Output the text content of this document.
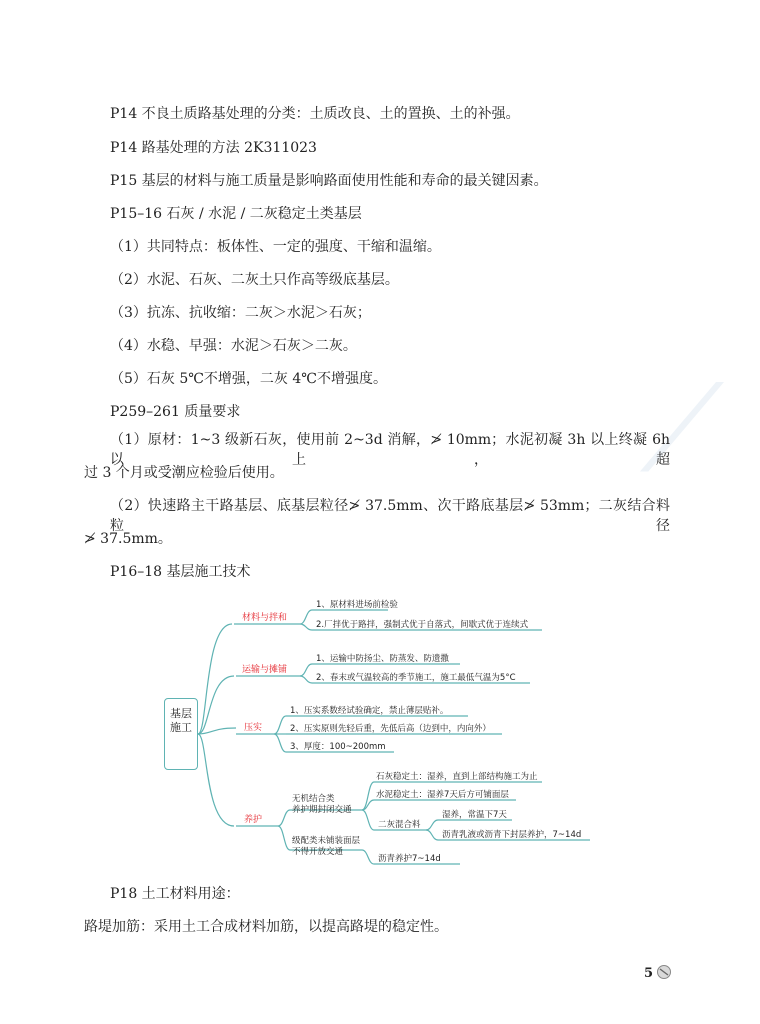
⟋
P14 不良土质路基处理的分类：土质改良、土的置换、土的补强。
P14 路基处理的方法 2K311023
P15 基层的材料与施工质量是影响路面使用性能和寿命的最关键因素。
P15–16 石灰 / 水泥 / 二灰稳定土类基层
（1）共同特点：板体性、一定的强度、干缩和温缩。
（2）水泥、石灰、二灰土只作高等级底基层。
（3）抗冻、抗收缩：二灰＞水泥＞石灰；
（4）水稳、早强：水泥＞石灰＞二灰。
（5）石灰 5℃不增强，二灰 4℃不增强度。
P259–261 质量要求
（1）原材：1~3 级新石灰，使用前 2~3d 消解，≯ 10mm；水泥初凝 3h 以上终凝 6h 以上，超
过 3 个月或受潮应检验后使用。
（2）快速路主干路基层、底基层粒径≯ 37.5mm、次干路底基层≯ 53mm；二灰结合料粒径
≯ 37.5mm。
P16–18 基层施工技术
材料与拌和
运输与摊铺
压实
养护
1、原材料进场前检验
2.厂拌优于路拌，强制式优于自落式，间歇式优于连续式
1、运输中防扬尘、防蒸发、防遗撒
2、春末或气温较高的季节施工，施工最低气温为5°C
1、压实系数经试验确定，禁止薄层贴补。
2、压实原则先轻后重，先低后高（边到中，内向外）
3、厚度：100~200mm
无机结合类
养护期封闭交通
石灰稳定土：湿养，直到上部结构施工为止
水泥稳定土：湿养7天后方可铺面层
二灰混合料
湿养，常温下7天
沥青乳液或沥青下封层养护，7~14d
级配类未铺装面层
不得开放交通
沥青养护7~14d
基层施工
P18 土工材料用途：
路堤加筋：采用土工合成材料加筋，以提高路堤的稳定性。
5
